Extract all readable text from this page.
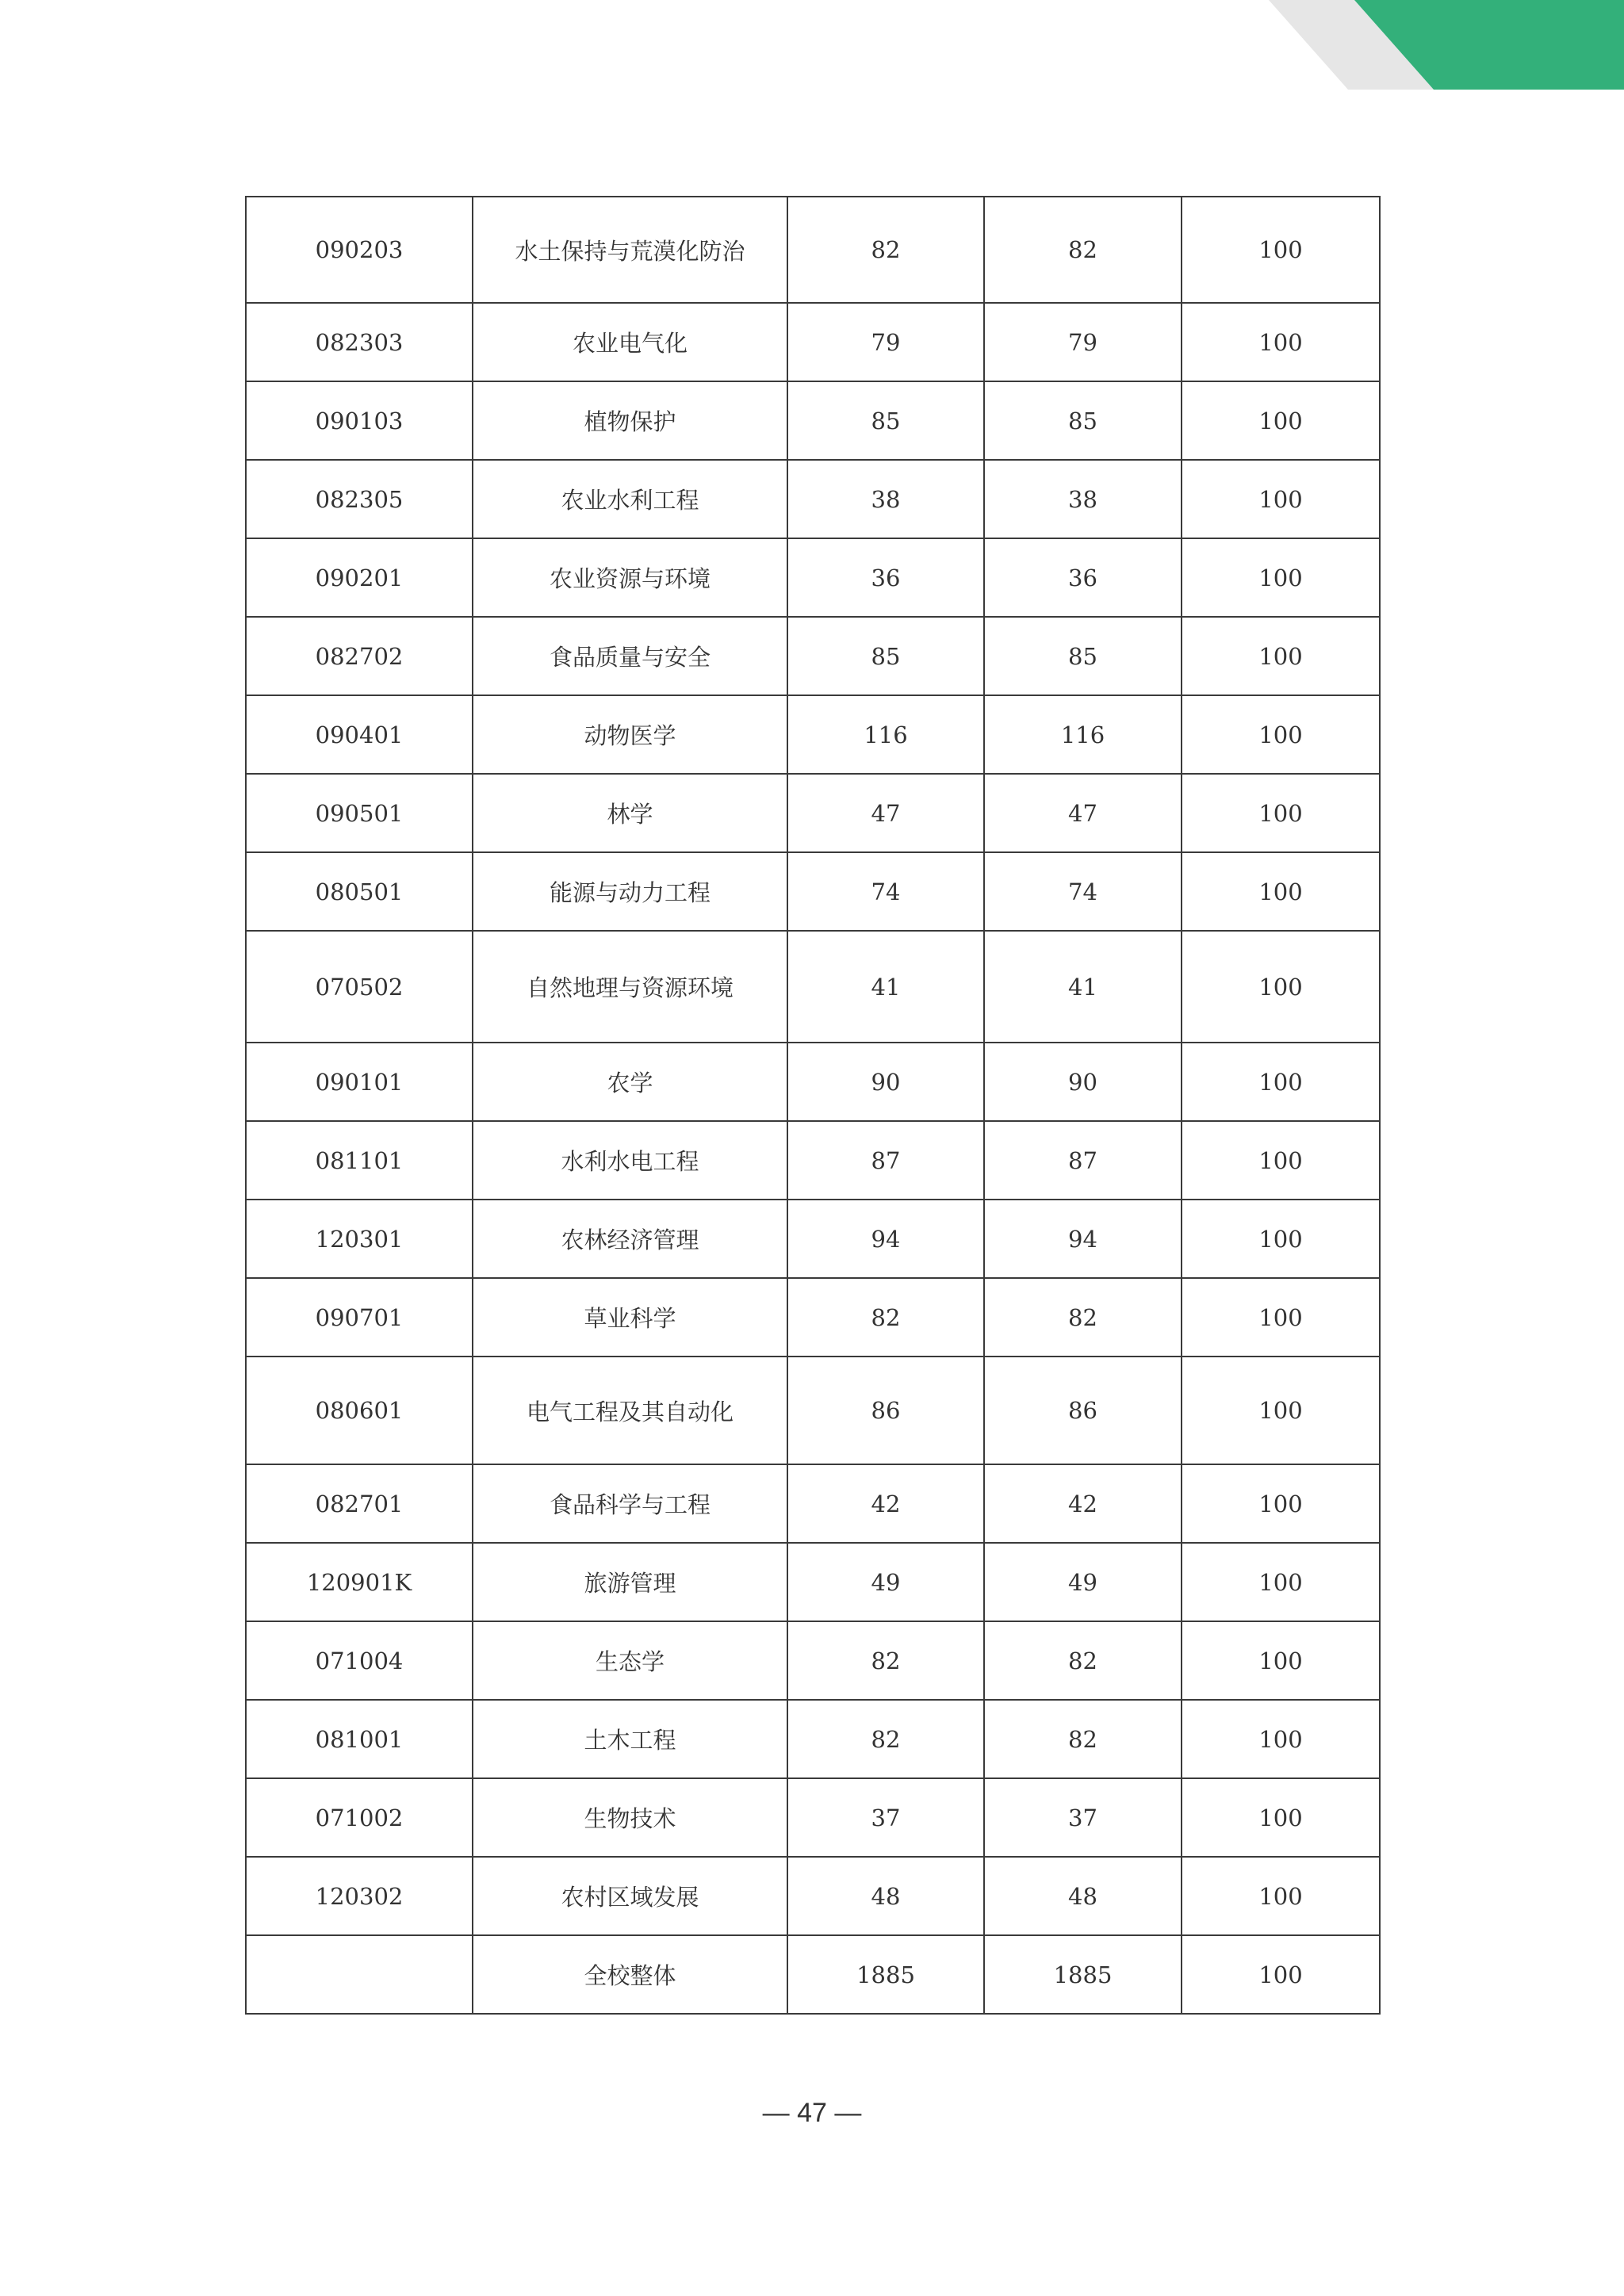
090203	水土保持与荒漠化防治	82	82	100
082303	农业电气化	79	79	100
090103	植物保护	85	85	100
082305	农业水利工程	38	38	100
090201	农业资源与环境	36	36	100
082702	食品质量与安全	85	85	100
090401	动物医学	116	116	100
090501	林学	47	47	100
080501	能源与动力工程	74	74	100
070502	自然地理与资源环境	41	41	100
090101	农学	90	90	100
081101	水利水电工程	87	87	100
120301	农林经济管理	94	94	100
090701	草业科学	82	82	100
080601	电气工程及其自动化	86	86	100
082701	食品科学与工程	42	42	100
120901K	旅游管理	49	49	100
071004	生态学	82	82	100
081001	土木工程	82	82	100
071002	生物技术	37	37	100
120302	农村区域发展	48	48	100
	全校整体	1885	1885	100
— 47 —
